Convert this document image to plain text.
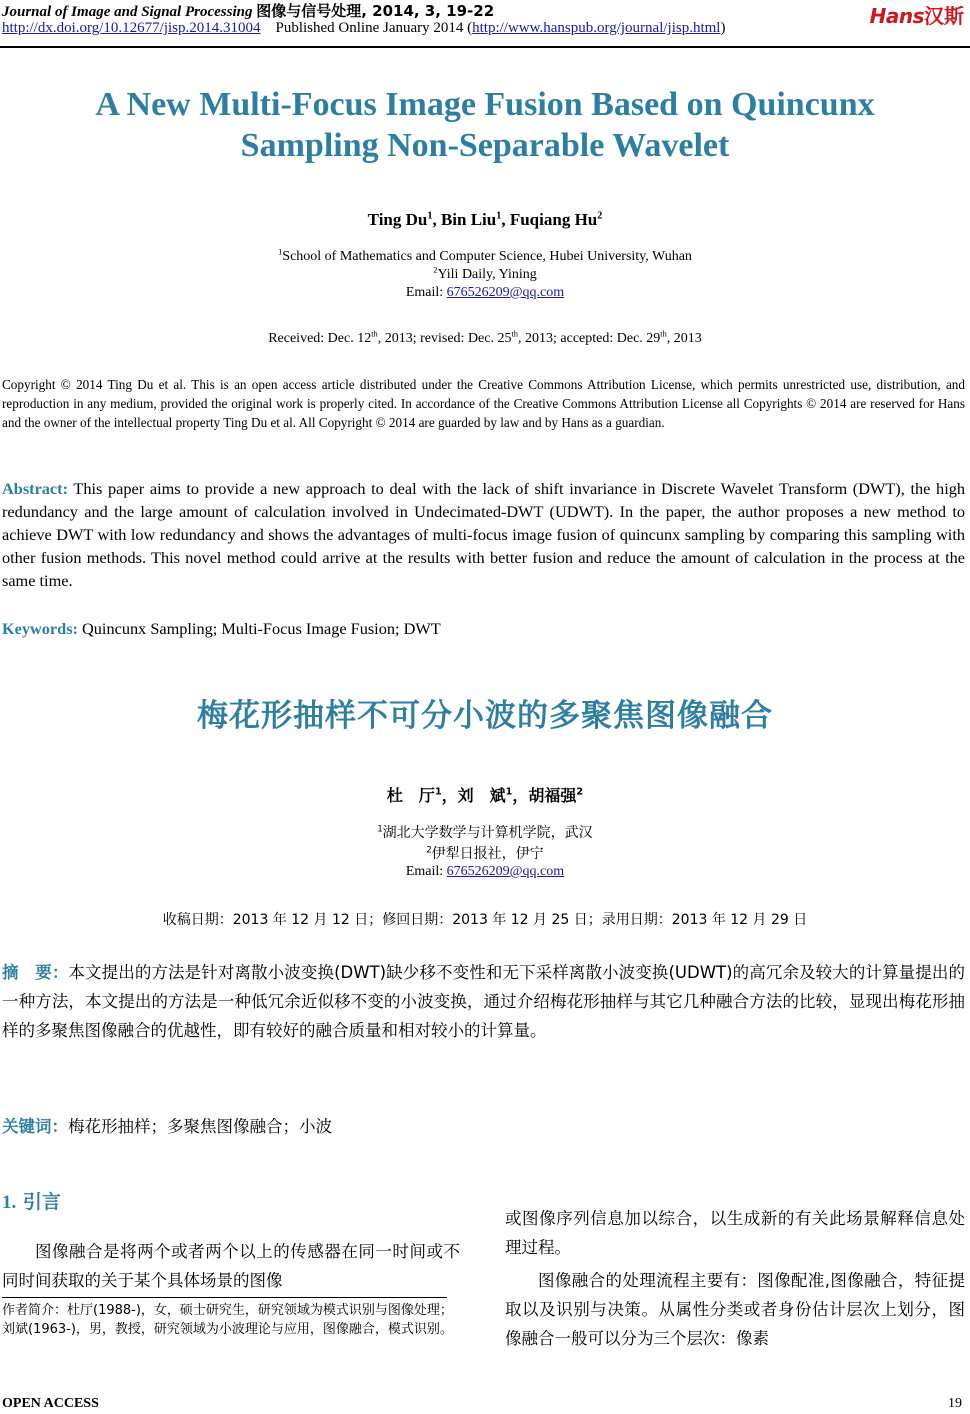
Journal of Image and Signal Processing 图像与信号处理, 2014, 3, 19-22
http://dx.doi.org/10.12677/jisp.2014.31004 Published Online January 2014 (http://www.hanspub.org/journal/jisp.html)	Hans汉斯
A New Multi-Focus Image Fusion Based on Quincunx
Sampling Non-Separable Wavelet
Ting Du$^1$, Bin Liu$^1$, Fuqiang Hu$^2$
$^1$School of Mathematics and Computer Science, Hubei University, Wuhan
$^2$Yili Daily, Yining
Email: 676526209@qq.com
Received: Dec. 12th, 2013; revised: Dec. 25th, 2013; accepted: Dec. 29th, 2013
Copyright © 2014 Ting Du et al. This is an open access article distributed under the Creative Commons Attribution License, which permits unrestricted use, distribution, and reproduction in any medium, provided the original work is properly cited. In accordance of the Creative Commons Attribution License all Copyrights © 2014 are reserved for Hans and the owner of the intellectual property Ting Du et al. All Copyright © 2014 are guarded by law and by Hans as a guardian.
Abstract: This paper aims to provide a new approach to deal with the lack of shift invariance in Discrete Wavelet Transform (DWT), the high redundancy and the large amount of calculation involved in Undecimated-DWT (UDWT). In the paper, the author proposes a new method to achieve DWT with low redundancy and shows the advantages of multi-focus image fusion of quincunx sampling by comparing this sampling with other fusion methods. This novel method could arrive at the results with better fusion and reduce the amount of calculation in the process at the same time.
Keywords: Quincunx Sampling; Multi-Focus Image Fusion; DWT
梅花形抽样不可分小波的多聚焦图像融合
杜　厅$^1$，刘　斌$^1$，胡福强$^2$
$^1$湖北大学数学与计算机学院，武汉
$^2$伊犁日报社，伊宁
Email: 676526209@qq.com
收稿日期：2013 年 12 月 12 日；修回日期：2013 年 12 月 25 日；录用日期：2013 年 12 月 29 日
摘　要：本文提出的方法是针对离散小波变换(DWT)缺少移不变性和无下采样离散小波变换(UDWT)的高冗余及较大的计算量提出的一种方法，本文提出的方法是一种低冗余近似移不变的小波变换，通过介绍梅花形抽样与其它几种融合方法的比较，显现出梅花形抽样的多聚焦图像融合的优越性，即有较好的融合质量和相对较小的计算量。
关键词：梅花形抽样；多聚焦图像融合；小波
1. 引言
图像融合是将两个或者两个以上的传感器在同一时间或不同时间获取的关于某个具体场景的图像
或图像序列信息加以综合，以生成新的有关此场景解释信息处理过程。
图像融合的处理流程主要有：图像配准,图像融合，特征提取以及识别与决策。从属性分类或者身份估计层次上划分，图像融合一般可以分为三个层次：像素
作者简介：杜厅(1988-)，女，硕士研究生，研究领域为模式识别与图像处理；刘斌(1963-)，男，教授，研究领域为小波理论与应用，图像融合，模式识别。
OPEN ACCESS	19
